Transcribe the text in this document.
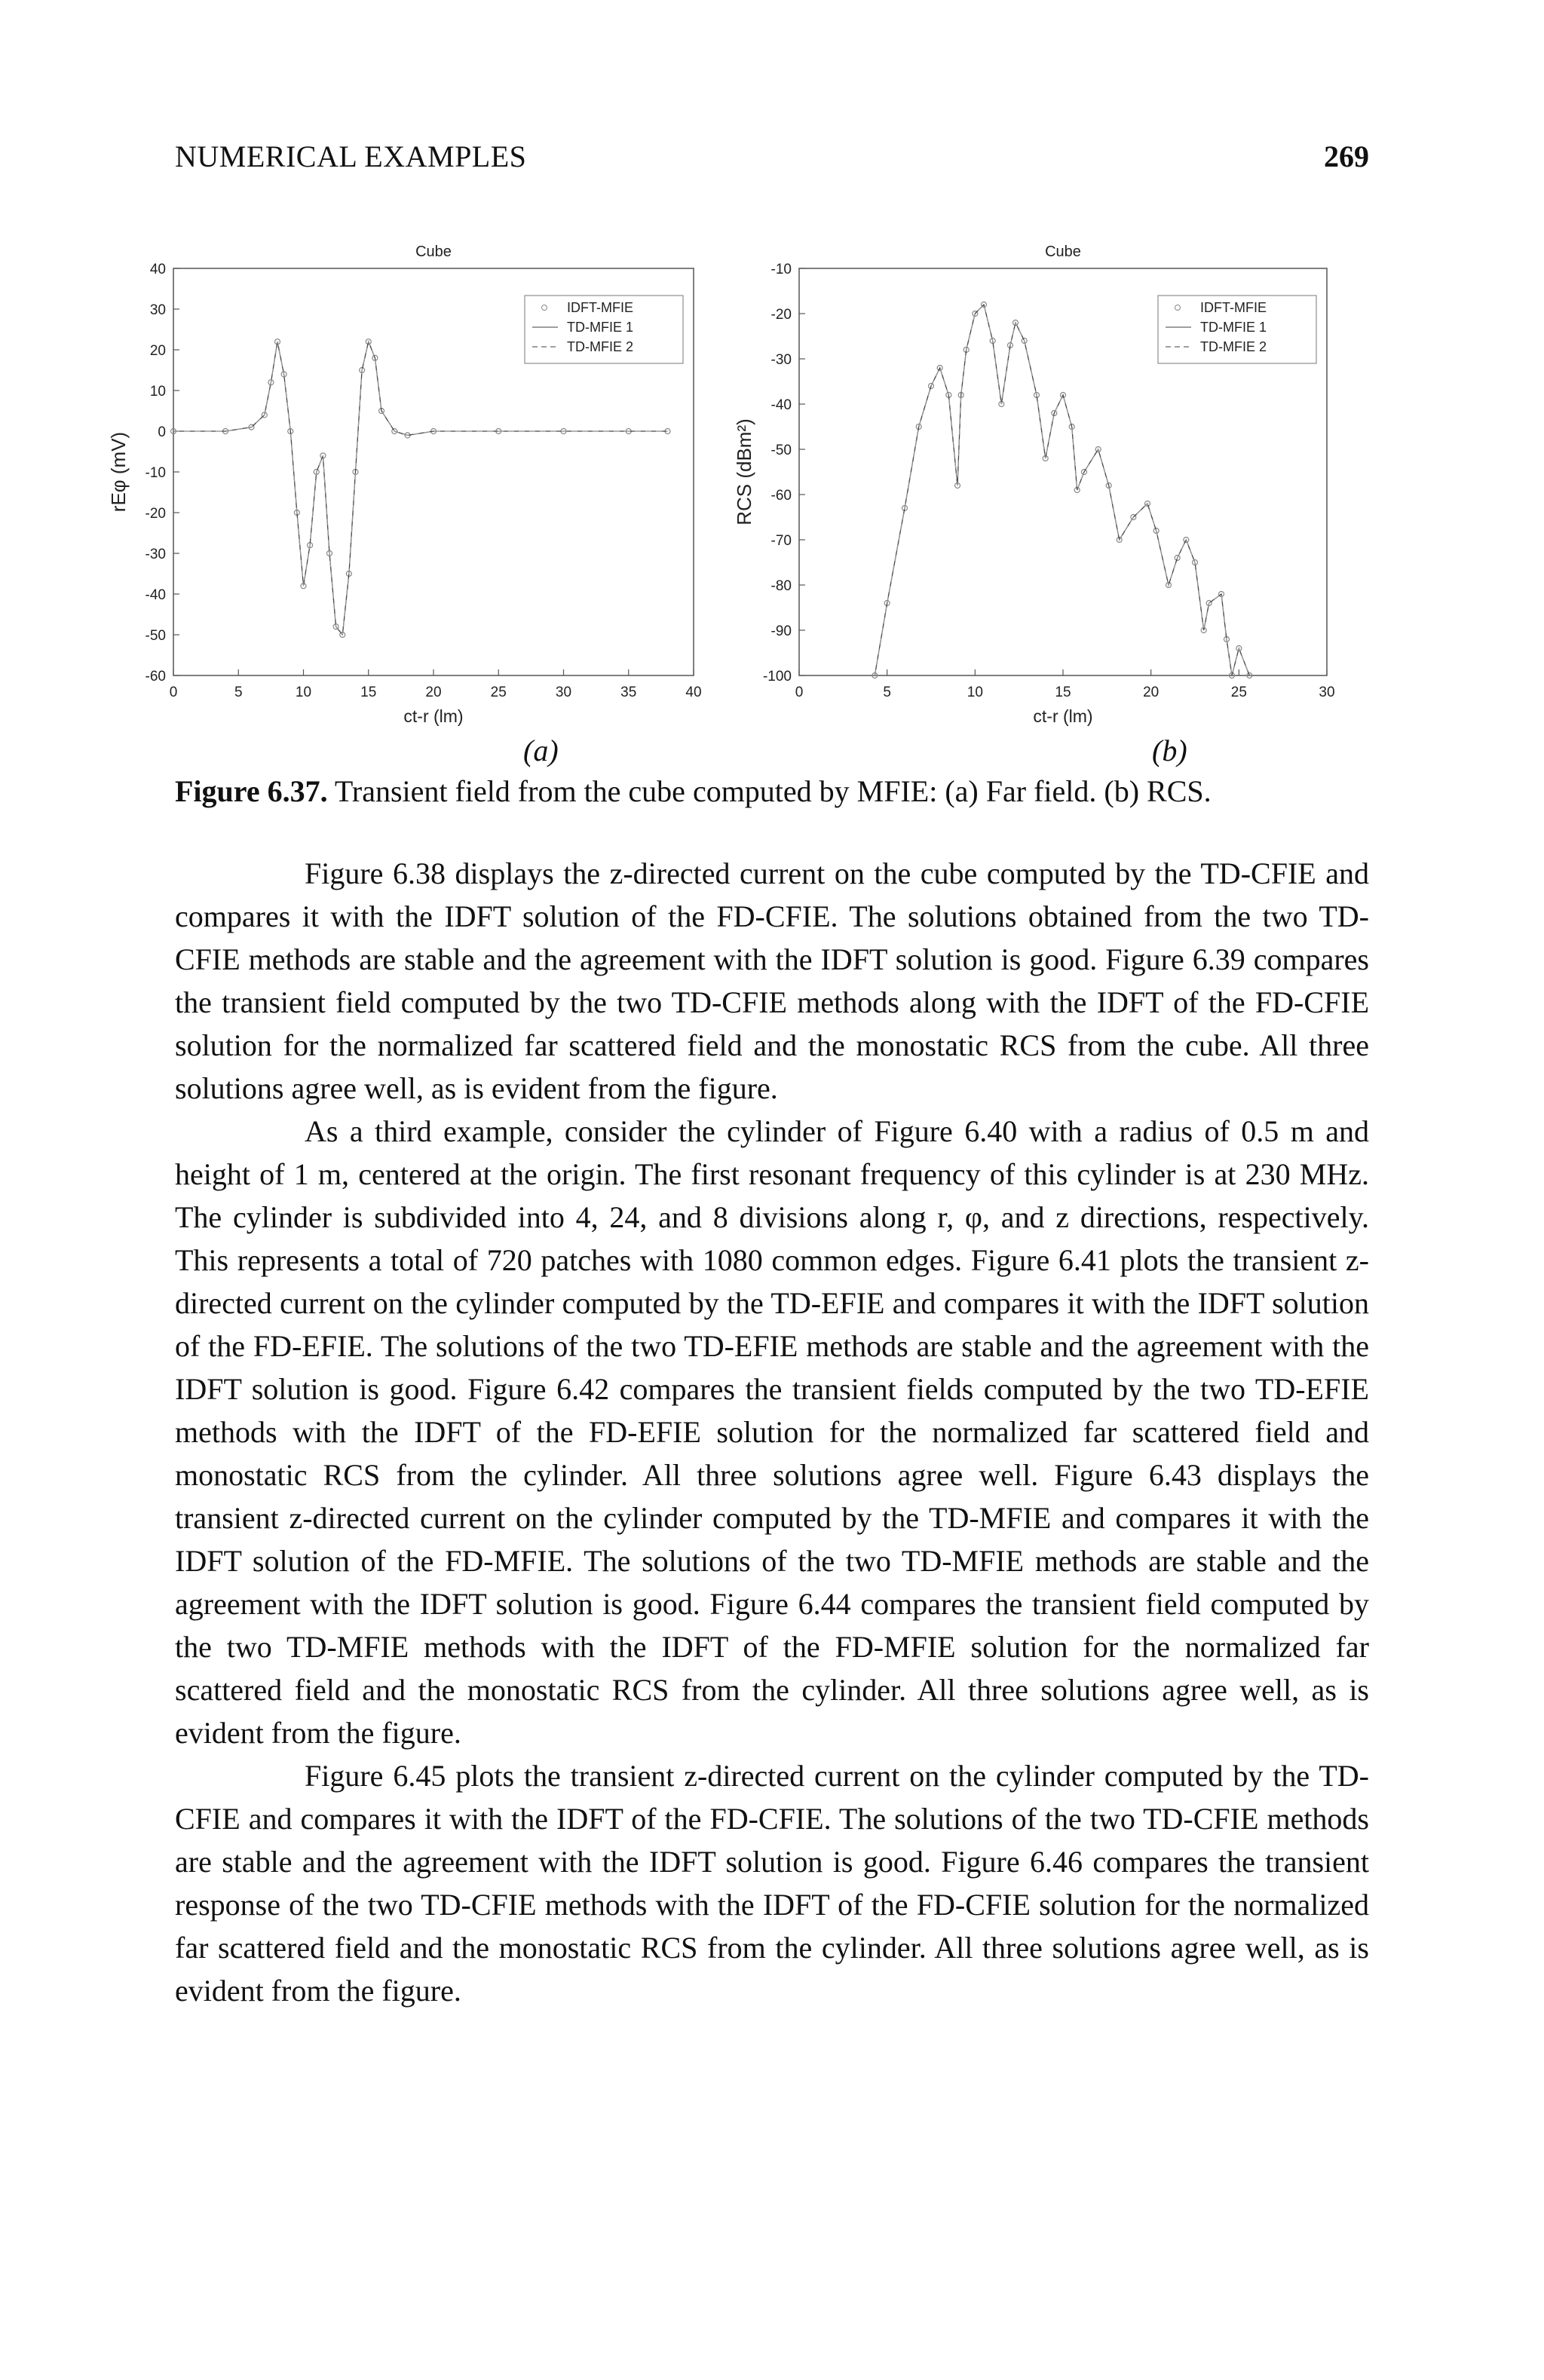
NUMERICAL EXAMPLES	269
0	5	10	15	20	25	30	35	40
40
30
20
10
0
-10
-20
-30
-40
-50
-60
Cube
ct-r (lm)
rEφ (mV)
IDFT-MFIE
TD-MFIE 1
TD-MFIE 2
0	5	10	15	20	25	30
-10
-20
-30
-40
-50
-60
-70
-80
-90
-100
Cube
ct-r (lm)
RCS (dBm²)
IDFT-MFIE
TD-MFIE 1
TD-MFIE 2
(a)	(b)
Figure 6.37. Transient field from the cube computed by MFIE: (a) Far field. (b) RCS.

Figure 6.38 displays the z-directed current on the cube computed by the TD-CFIE and compares it with the IDFT solution of the FD-CFIE. The solutions obtained from the two TD-CFIE methods are stable and the agreement with the IDFT solution is good. Figure 6.39 compares the transient field computed by the two TD-CFIE methods along with the IDFT of the FD-CFIE solution for the normalized far scattered field and the monostatic RCS from the cube. All three solutions agree well, as is evident from the figure.

As a third example, consider the cylinder of Figure 6.40 with a radius of 0.5 m and height of 1 m, centered at the origin. The first resonant frequency of this cylinder is at 230 MHz. The cylinder is subdivided into 4, 24, and 8 divisions along r, φ, and z directions, respectively. This represents a total of 720 patches with 1080 common edges. Figure 6.41 plots the transient z-directed current on the cylinder computed by the TD-EFIE and compares it with the IDFT solution of the FD-EFIE. The solutions of the two TD-EFIE methods are stable and the agreement with the IDFT solution is good. Figure 6.42 compares the transient fields computed by the two TD-EFIE methods with the IDFT of the FD-EFIE solution for the normalized far scattered field and monostatic RCS from the cylinder. All three solutions agree well. Figure 6.43 displays the transient z-directed current on the cylinder computed by the TD-MFIE and compares it with the IDFT solution of the FD-MFIE. The solutions of the two TD-MFIE methods are stable and the agreement with the IDFT solution is good. Figure 6.44 compares the transient field computed by the two TD-MFIE methods with the IDFT of the FD-MFIE solution for the normalized far scattered field and the monostatic RCS from the cylinder. All three solutions agree well, as is evident from the figure.

Figure 6.45 plots the transient z-directed current on the cylinder computed by the TD-CFIE and compares it with the IDFT of the FD-CFIE. The solutions of the two TD-CFIE methods are stable and the agreement with the IDFT solution is good. Figure 6.46 compares the transient response of the two TD-CFIE methods with the IDFT of the FD-CFIE solution for the normalized far scattered field and the monostatic RCS from the cylinder. All three solutions agree well, as is evident from the figure.
